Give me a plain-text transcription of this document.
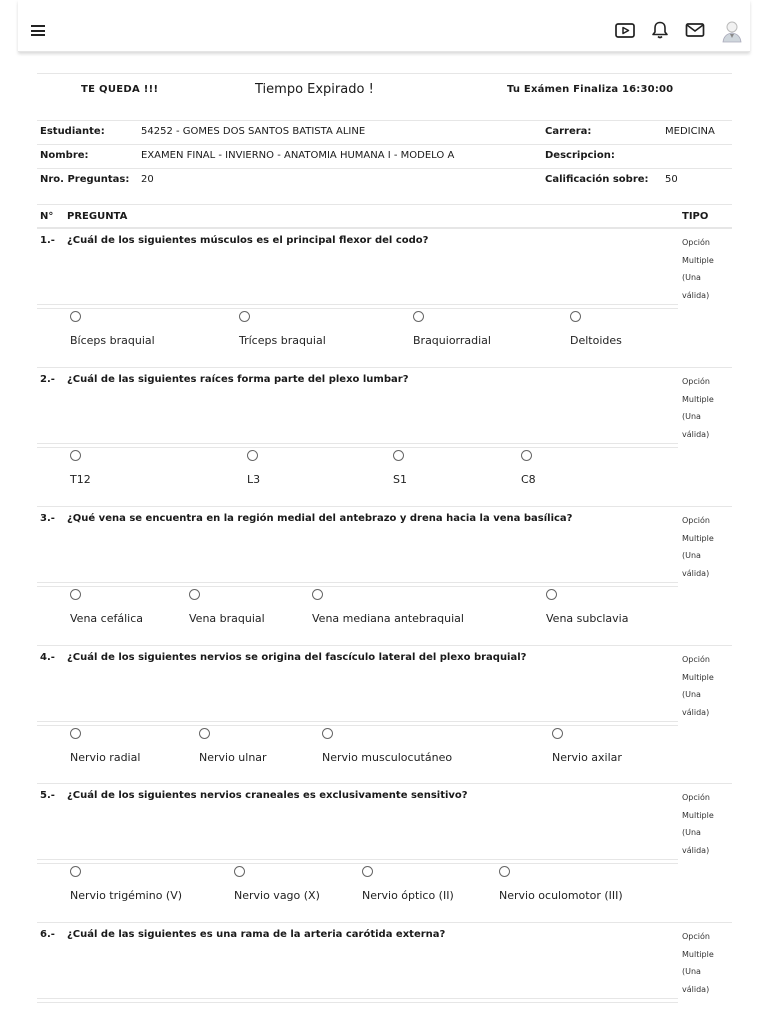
TE QUEDA !!!	Tiempo Expirado !	Tu Exámen Finaliza 16:30:00
Estudiante:	54252 - GOMES DOS SANTOS BATISTA ALINE	Carrera:	MEDICINA
Nombre:	EXAMEN FINAL - INVIERNO - ANATOMIA HUMANA I - MODELO A	Descripcion:
Nro. Preguntas: 20	Calificación sobre: 50
N° PREGUNTA	TIPO
1.- ¿Cuál de los siguientes músculos es el principal flexor del codo?	Opción
Multiple
(Una
válida)
Bíceps braquial	Tríceps braquial	Braquiorradial	Deltoides
2.- ¿Cuál de las siguientes raíces forma parte del plexo lumbar?	Opción
Multiple
(Una
válida)
T12	L3	S1	C8
3.- ¿Qué vena se encuentra en la región medial del antebrazo y drena hacia la vena basílica?	Opción
Multiple
(Una
válida)
Vena cefálica	Vena braquial	Vena mediana antebraquial	Vena subclavia
4.- ¿Cuál de los siguientes nervios se origina del fascículo lateral del plexo braquial?	Opción
Multiple
(Una
válida)
Nervio radial	Nervio ulnar	Nervio musculocutáneo	Nervio axilar
5.- ¿Cuál de los siguientes nervios craneales es exclusivamente sensitivo?	Opción
Multiple
(Una
válida)
Nervio trigémino (V)	Nervio vago (X)	Nervio óptico (II)	Nervio oculomotor (III)
6.- ¿Cuál de las siguientes es una rama de la arteria carótida externa?	Opción
Multiple
(Una
válida)
